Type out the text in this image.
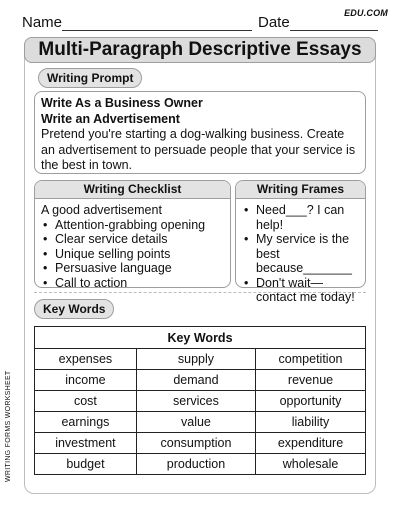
Name	Date
EDU.COM
WRITING FORMS WORKSHEET
Multi-Paragraph Descriptive Essays
Writing Prompt
Write As a Business Owner
Write an Advertisement
Pretend you're starting a dog-walking business. Create an advertisement to persuade people that your service is the best in town.
Writing Checklist
A good advertisement
• Attention-grabbing opening
• Clear service details
• Unique selling points
• Persuasive language
• Call to action
Writing Frames
• Need___? I can help!
• My service is the best because_______
• Don't wait—contact me today!
Key Words
Key Words		
expenses	supply	competition
income	demand	revenue
cost	services	opportunity
earnings	value	liability
investment	consumption	expenditure
budget	production	wholesale
